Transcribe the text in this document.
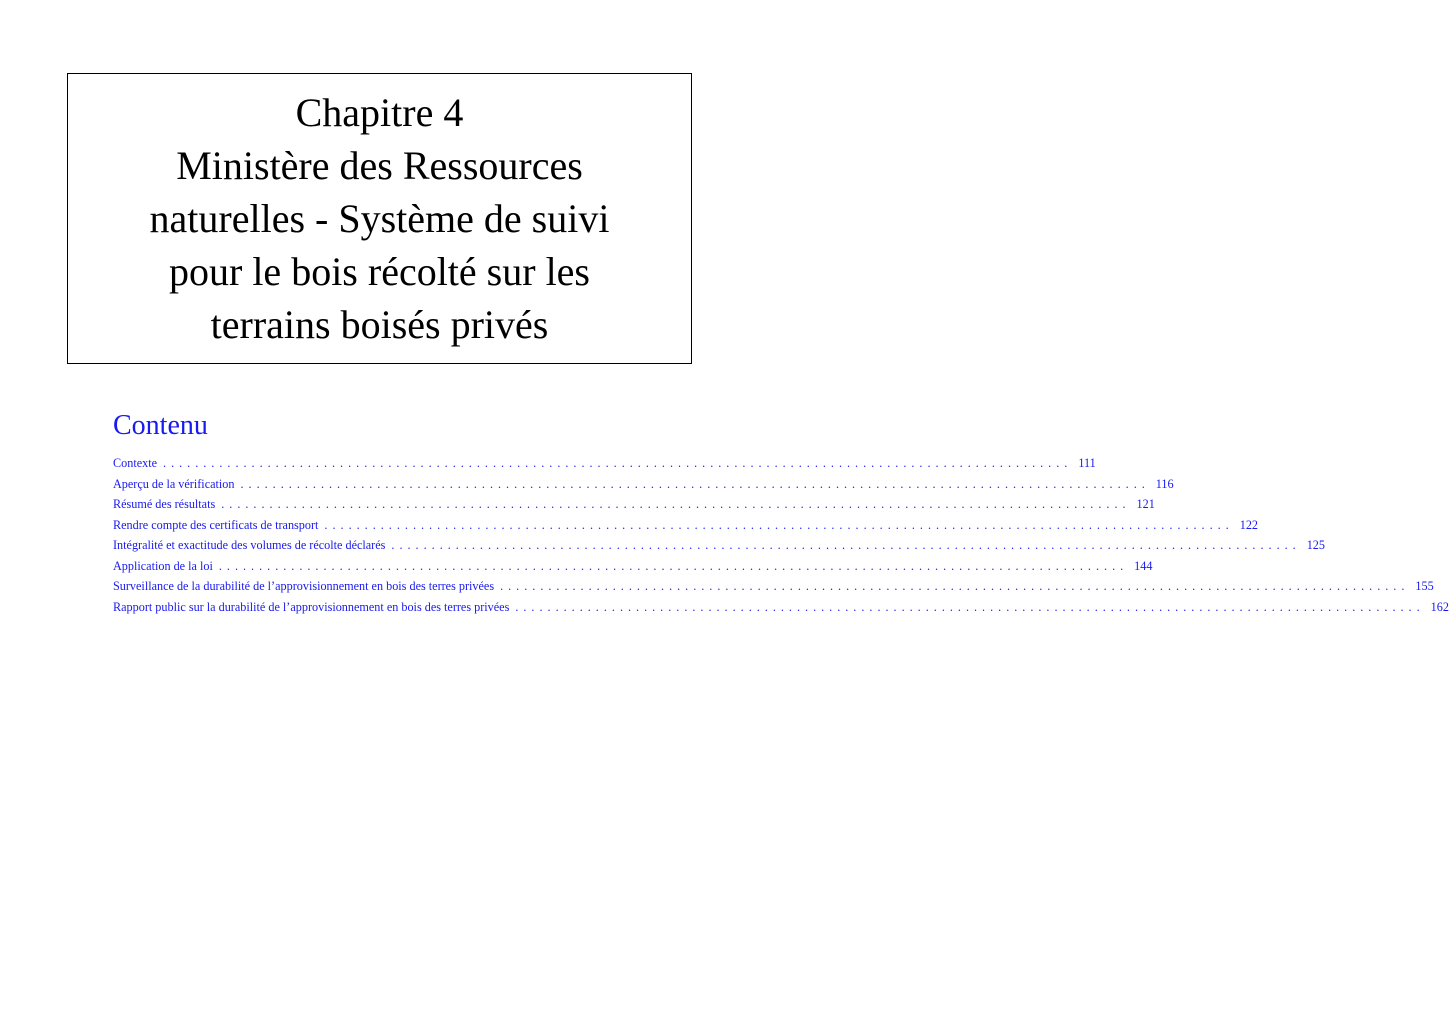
Chapitre 4
Ministère des Ressources
naturelles - Système de suivi
pour le bois récolté sur les
terrains boisés privés
Contenu
Contexte ................................................................................................................. 111
Aperçu de la vérification ................................................................................................................. 116
Résumé des résultats ................................................................................................................. 121
Rendre compte des certificats de transport ................................................................................................................. 122
Intégralité et exactitude des volumes de récolte déclarés ................................................................................................................. 125
Application de la loi ................................................................................................................. 144
Surveillance de la durabilité de l’approvisionnement en bois des terres privées ................................................................................................................. 155
Rapport public sur la durabilité de l’approvisionnement en bois des terres privées ................................................................................................................. 162
